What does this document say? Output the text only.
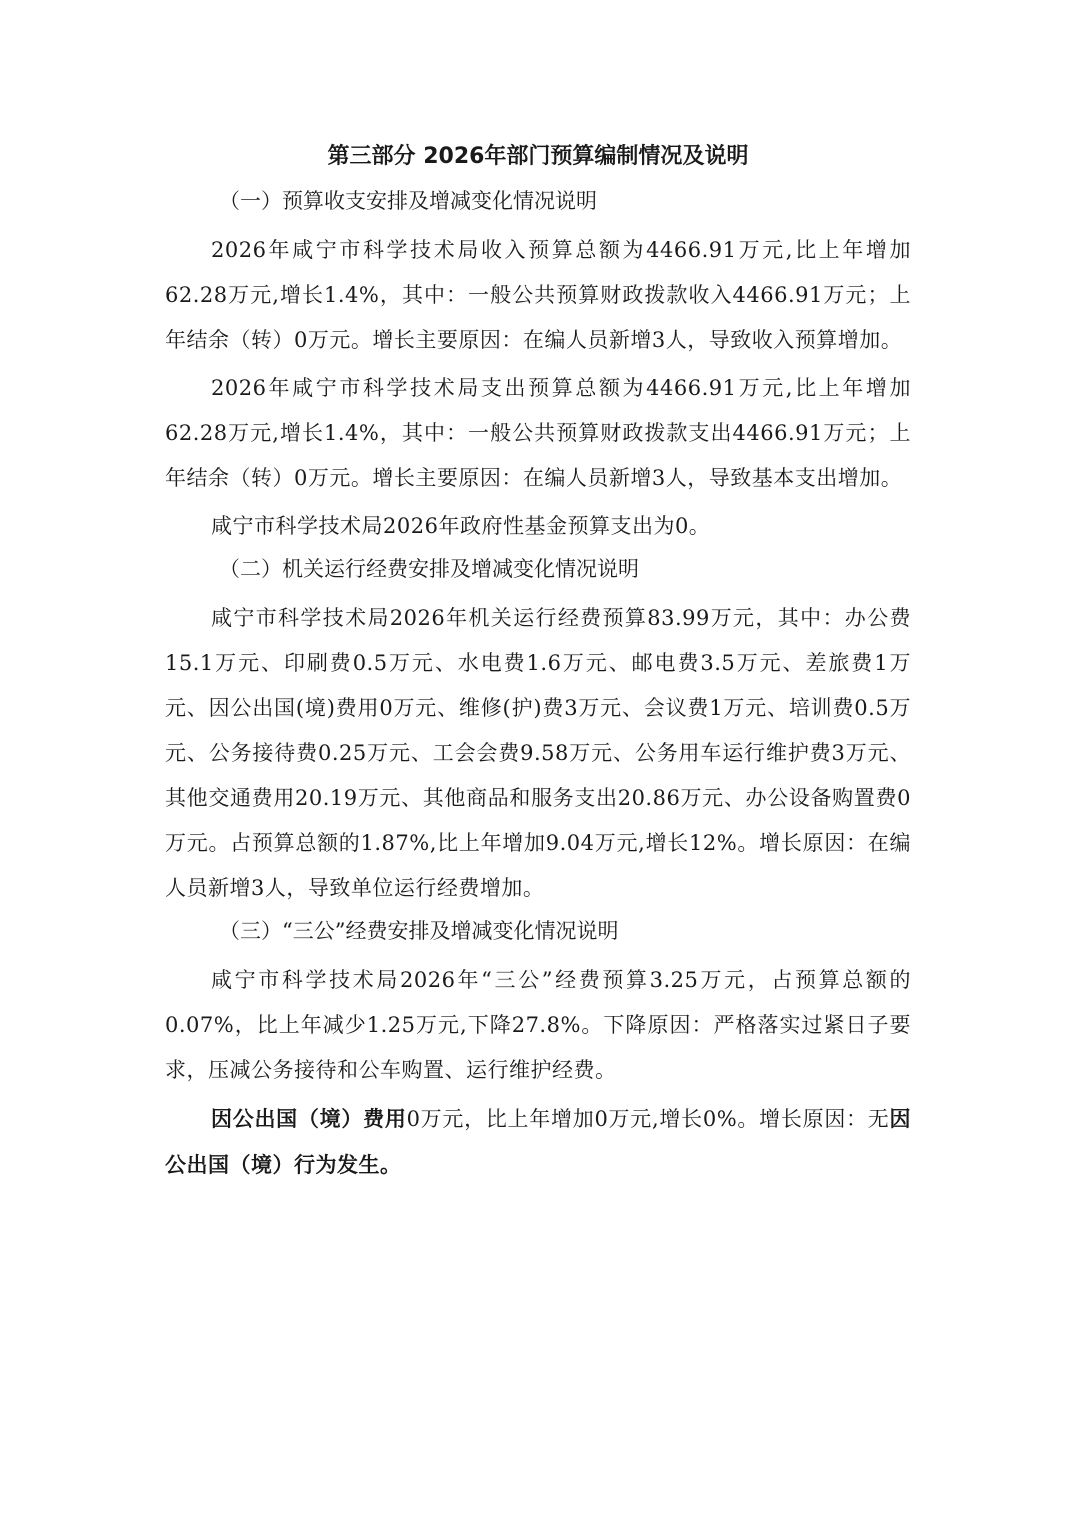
第三部分 2026年部门预算编制情况及说明
（一）预算收支安排及增减变化情况说明

2026年咸宁市科学技术局收入预算总额为4466.91万元,比上年增加62.28万元,增长1.4%，其中：一般公共预算财政拨款收入4466.91万元；上年结余（转）0万元。增长主要原因：在编人员新增3人，导致收入预算增加。

2026年咸宁市科学技术局支出预算总额为4466.91万元,比上年增加62.28万元,增长1.4%，其中：一般公共预算财政拨款支出4466.91万元；上年结余（转）0万元。增长主要原因：在编人员新增3人，导致基本支出增加。

咸宁市科学技术局2026年政府性基金预算支出为0。

（二）机关运行经费安排及增减变化情况说明

咸宁市科学技术局2026年机关运行经费预算83.99万元，其中：办公费15.1万元、印刷费0.5万元、水电费1.6万元、邮电费3.5万元、差旅费1万元、因公出国(境)费用0万元、维修(护)费3万元、会议费1万元、培训费0.5万元、公务接待费0.25万元、工会会费9.58万元、公务用车运行维护费3万元、其他交通费用20.19万元、其他商品和服务支出20.86万元、办公设备购置费0万元。占预算总额的1.87%,比上年增加9.04万元,增长12%。增长原因：在编人员新增3人，导致单位运行经费增加。

（三）“三公”经费安排及增减变化情况说明

咸宁市科学技术局2026年“三公”经费预算3.25万元，占预算总额的0.07%，比上年减少1.25万元,下降27.8%。下降原因：严格落实过紧日子要求，压减公务接待和公车购置、运行维护经费。

因公出国（境）费用0万元，比上年增加0万元,增长0%。增长原因：无因公出国（境）行为发生。
